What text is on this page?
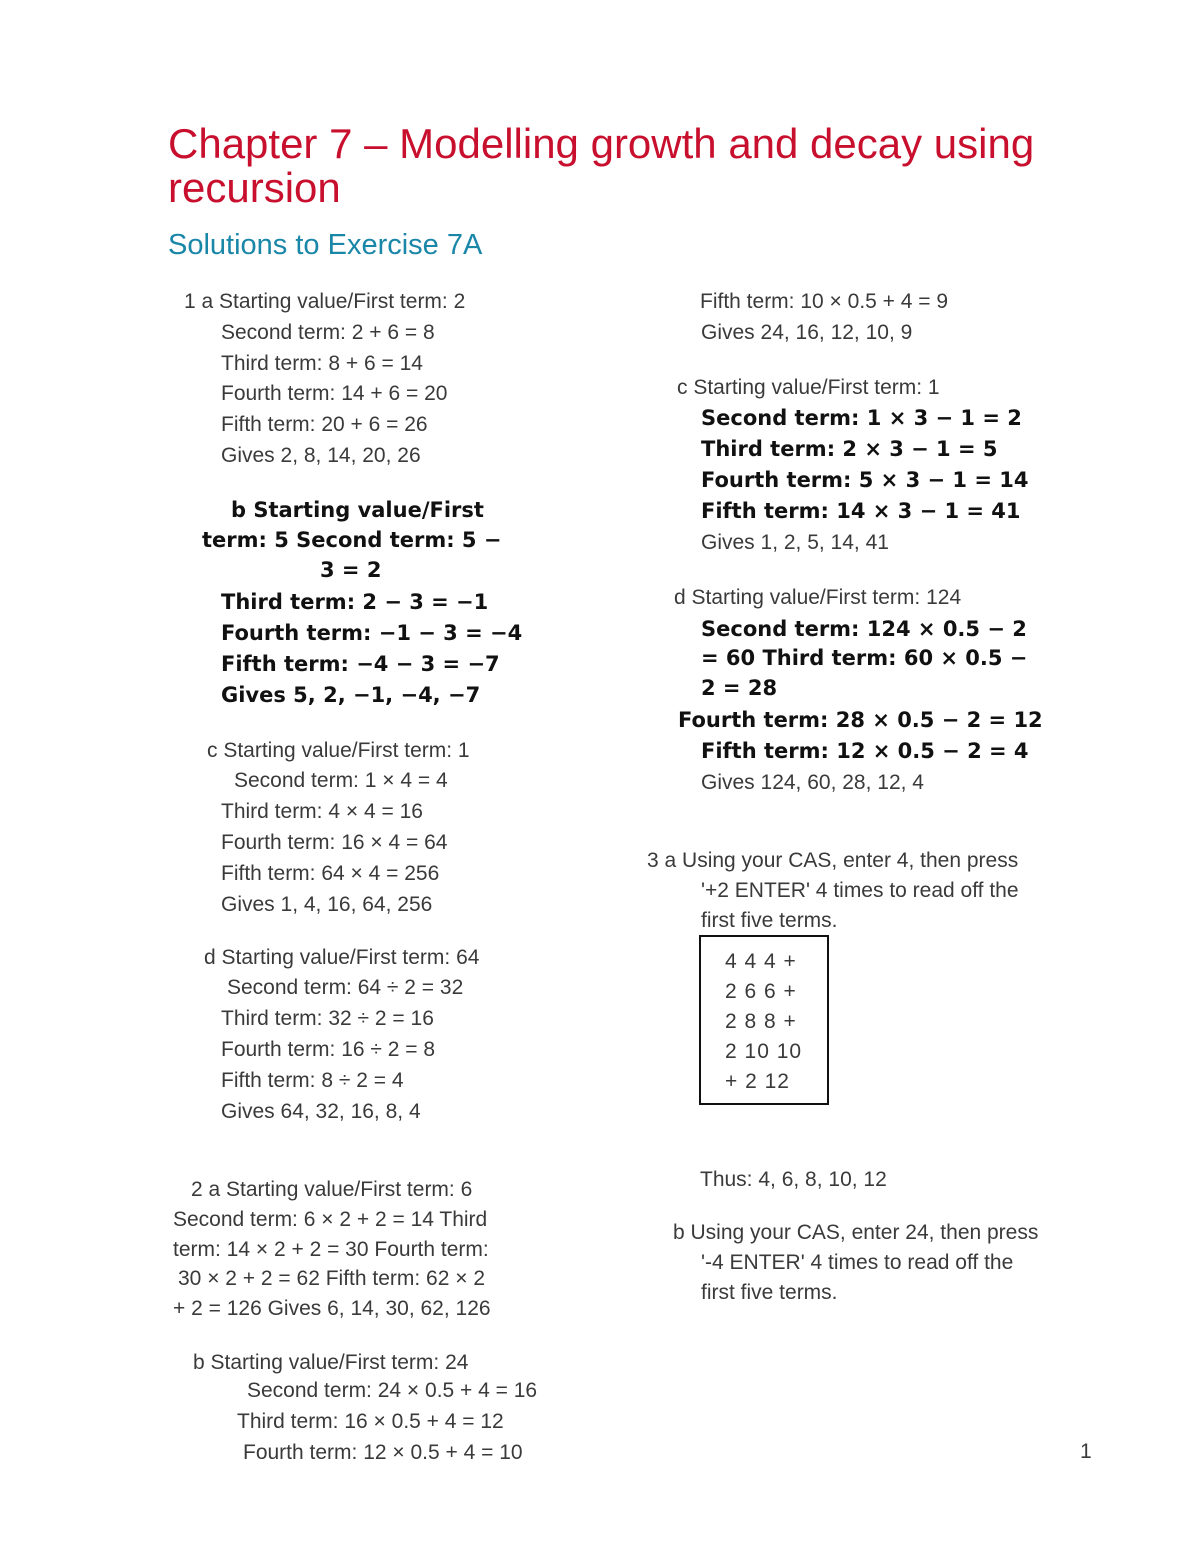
Chapter 7 – Modelling growth and decay using recursion
Solutions to Exercise 7A
1 a Starting value/First term: 2
Second term: 2 + 6 = 8
Third term: 8 + 6 = 14
Fourth term: 14 + 6 = 20
Fifth term: 20 + 6 = 26
Gives 2, 8, 14, 20, 26
b Starting value/First
term: 5 Second term: 5 −
3 = 2
Third term: 2 − 3 = −1
Fourth term: −1 − 3 = −4
Fifth term: −4 − 3 = −7
Gives 5, 2, −1, −4, −7
c Starting value/First term: 1
Second term: 1 × 4 = 4
Third term: 4 × 4 = 16
Fourth term: 16 × 4 = 64
Fifth term: 64 × 4 = 256
Gives 1, 4, 16, 64, 256
d Starting value/First term: 64
Second term: 64 ÷ 2 = 32
Third term: 32 ÷ 2 = 16
Fourth term: 16 ÷ 2 = 8
Fifth term: 8 ÷ 2 = 4
Gives 64, 32, 16, 8, 4
2 a Starting value/First term: 6
Second term: 6 × 2 + 2 = 14 Third
term: 14 × 2 + 2 = 30 Fourth term:
30 × 2 + 2 = 62 Fifth term: 62 × 2
+ 2 = 126 Gives 6, 14, 30, 62, 126
b Starting value/First term: 24
Second term: 24 × 0.5 + 4 = 16
Third term: 16 × 0.5 + 4 = 12
Fourth term: 12 × 0.5 + 4 = 10
Fifth term: 10 × 0.5 + 4 = 9
Gives 24, 16, 12, 10, 9
c Starting value/First term: 1
Second term: 1 × 3 − 1 = 2
Third term: 2 × 3 − 1 = 5
Fourth term: 5 × 3 − 1 = 14
Fifth term: 14 × 3 − 1 = 41
Gives 1, 2, 5, 14, 41
d Starting value/First term: 124
Second term: 124 × 0.5 − 2
= 60 Third term: 60 × 0.5 −
2 = 28
Fourth term: 28 × 0.5 − 2 = 12
Fifth term: 12 × 0.5 − 2 = 4
Gives 124, 60, 28, 12, 4
3 a Using your CAS, enter 4, then press
'+2 ENTER' 4 times to read off the
first five terms.
4 4 4 +
2 6 6 +
2 8 8 +
2 10 10
+ 2 12
Thus: 4, 6, 8, 10, 12
b Using your CAS, enter 24, then press
'-4 ENTER' 4 times to read off the
first five terms.
1
